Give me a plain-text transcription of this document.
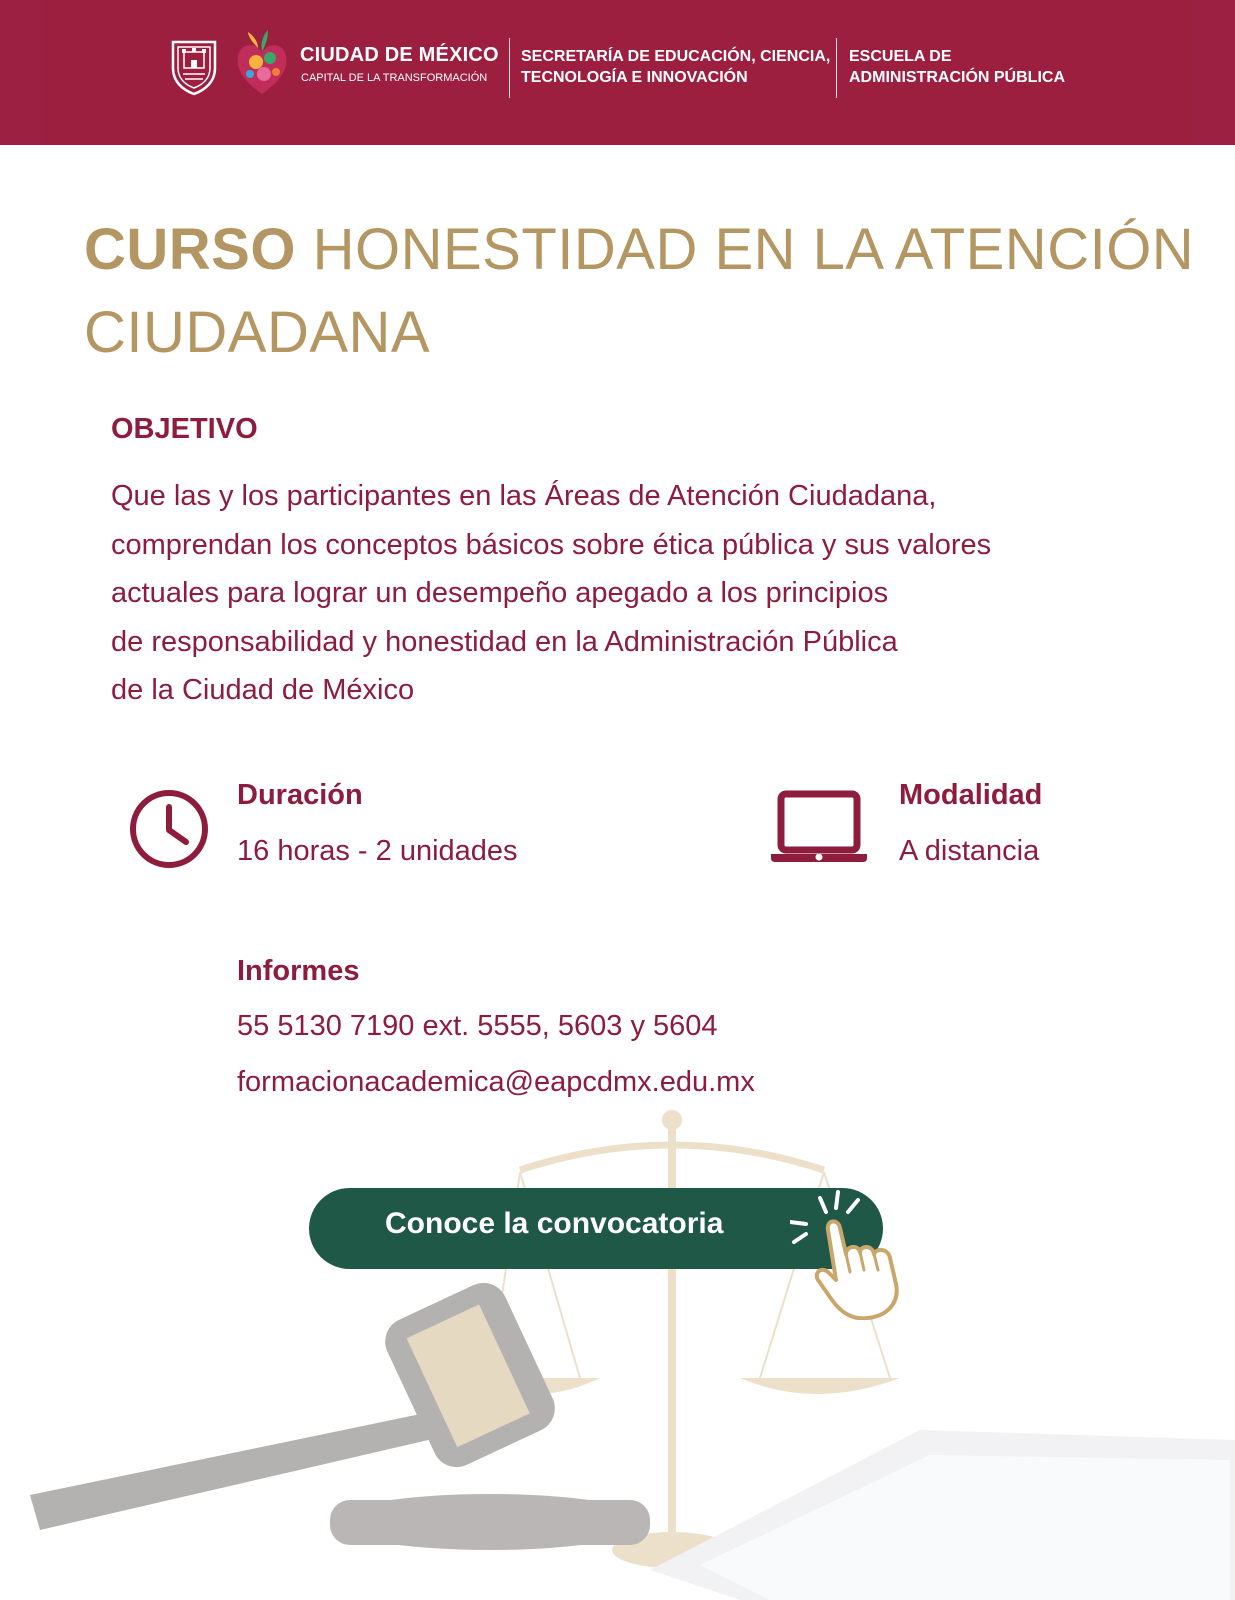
CIUDAD DE MÉXICO
CAPITAL DE LA TRANSFORMACIÓN
SECRETARÍA DE EDUCACIÓN, CIENCIA,
TECNOLOGÍA E INNOVACIÓN
ESCUELA DE
ADMINISTRACIÓN PÚBLICA
CURSO HONESTIDAD EN LA ATENCIÓN
CIUDADANA
OBJETIVO
Que las y los participantes en las Áreas de Atención Ciudadana,
comprendan los conceptos básicos sobre ética pública y sus valores
actuales para lograr un desempeño apegado a los principios
de responsabilidad y honestidad en la Administración Pública
de la Ciudad de México
Duración
16 horas - 2 unidades
Modalidad
A distancia
Informes
55 5130 7190 ext. 5555, 5603 y 5604
formacionacademica@eapcdmx.edu.mx
Conoce la convocatoria
